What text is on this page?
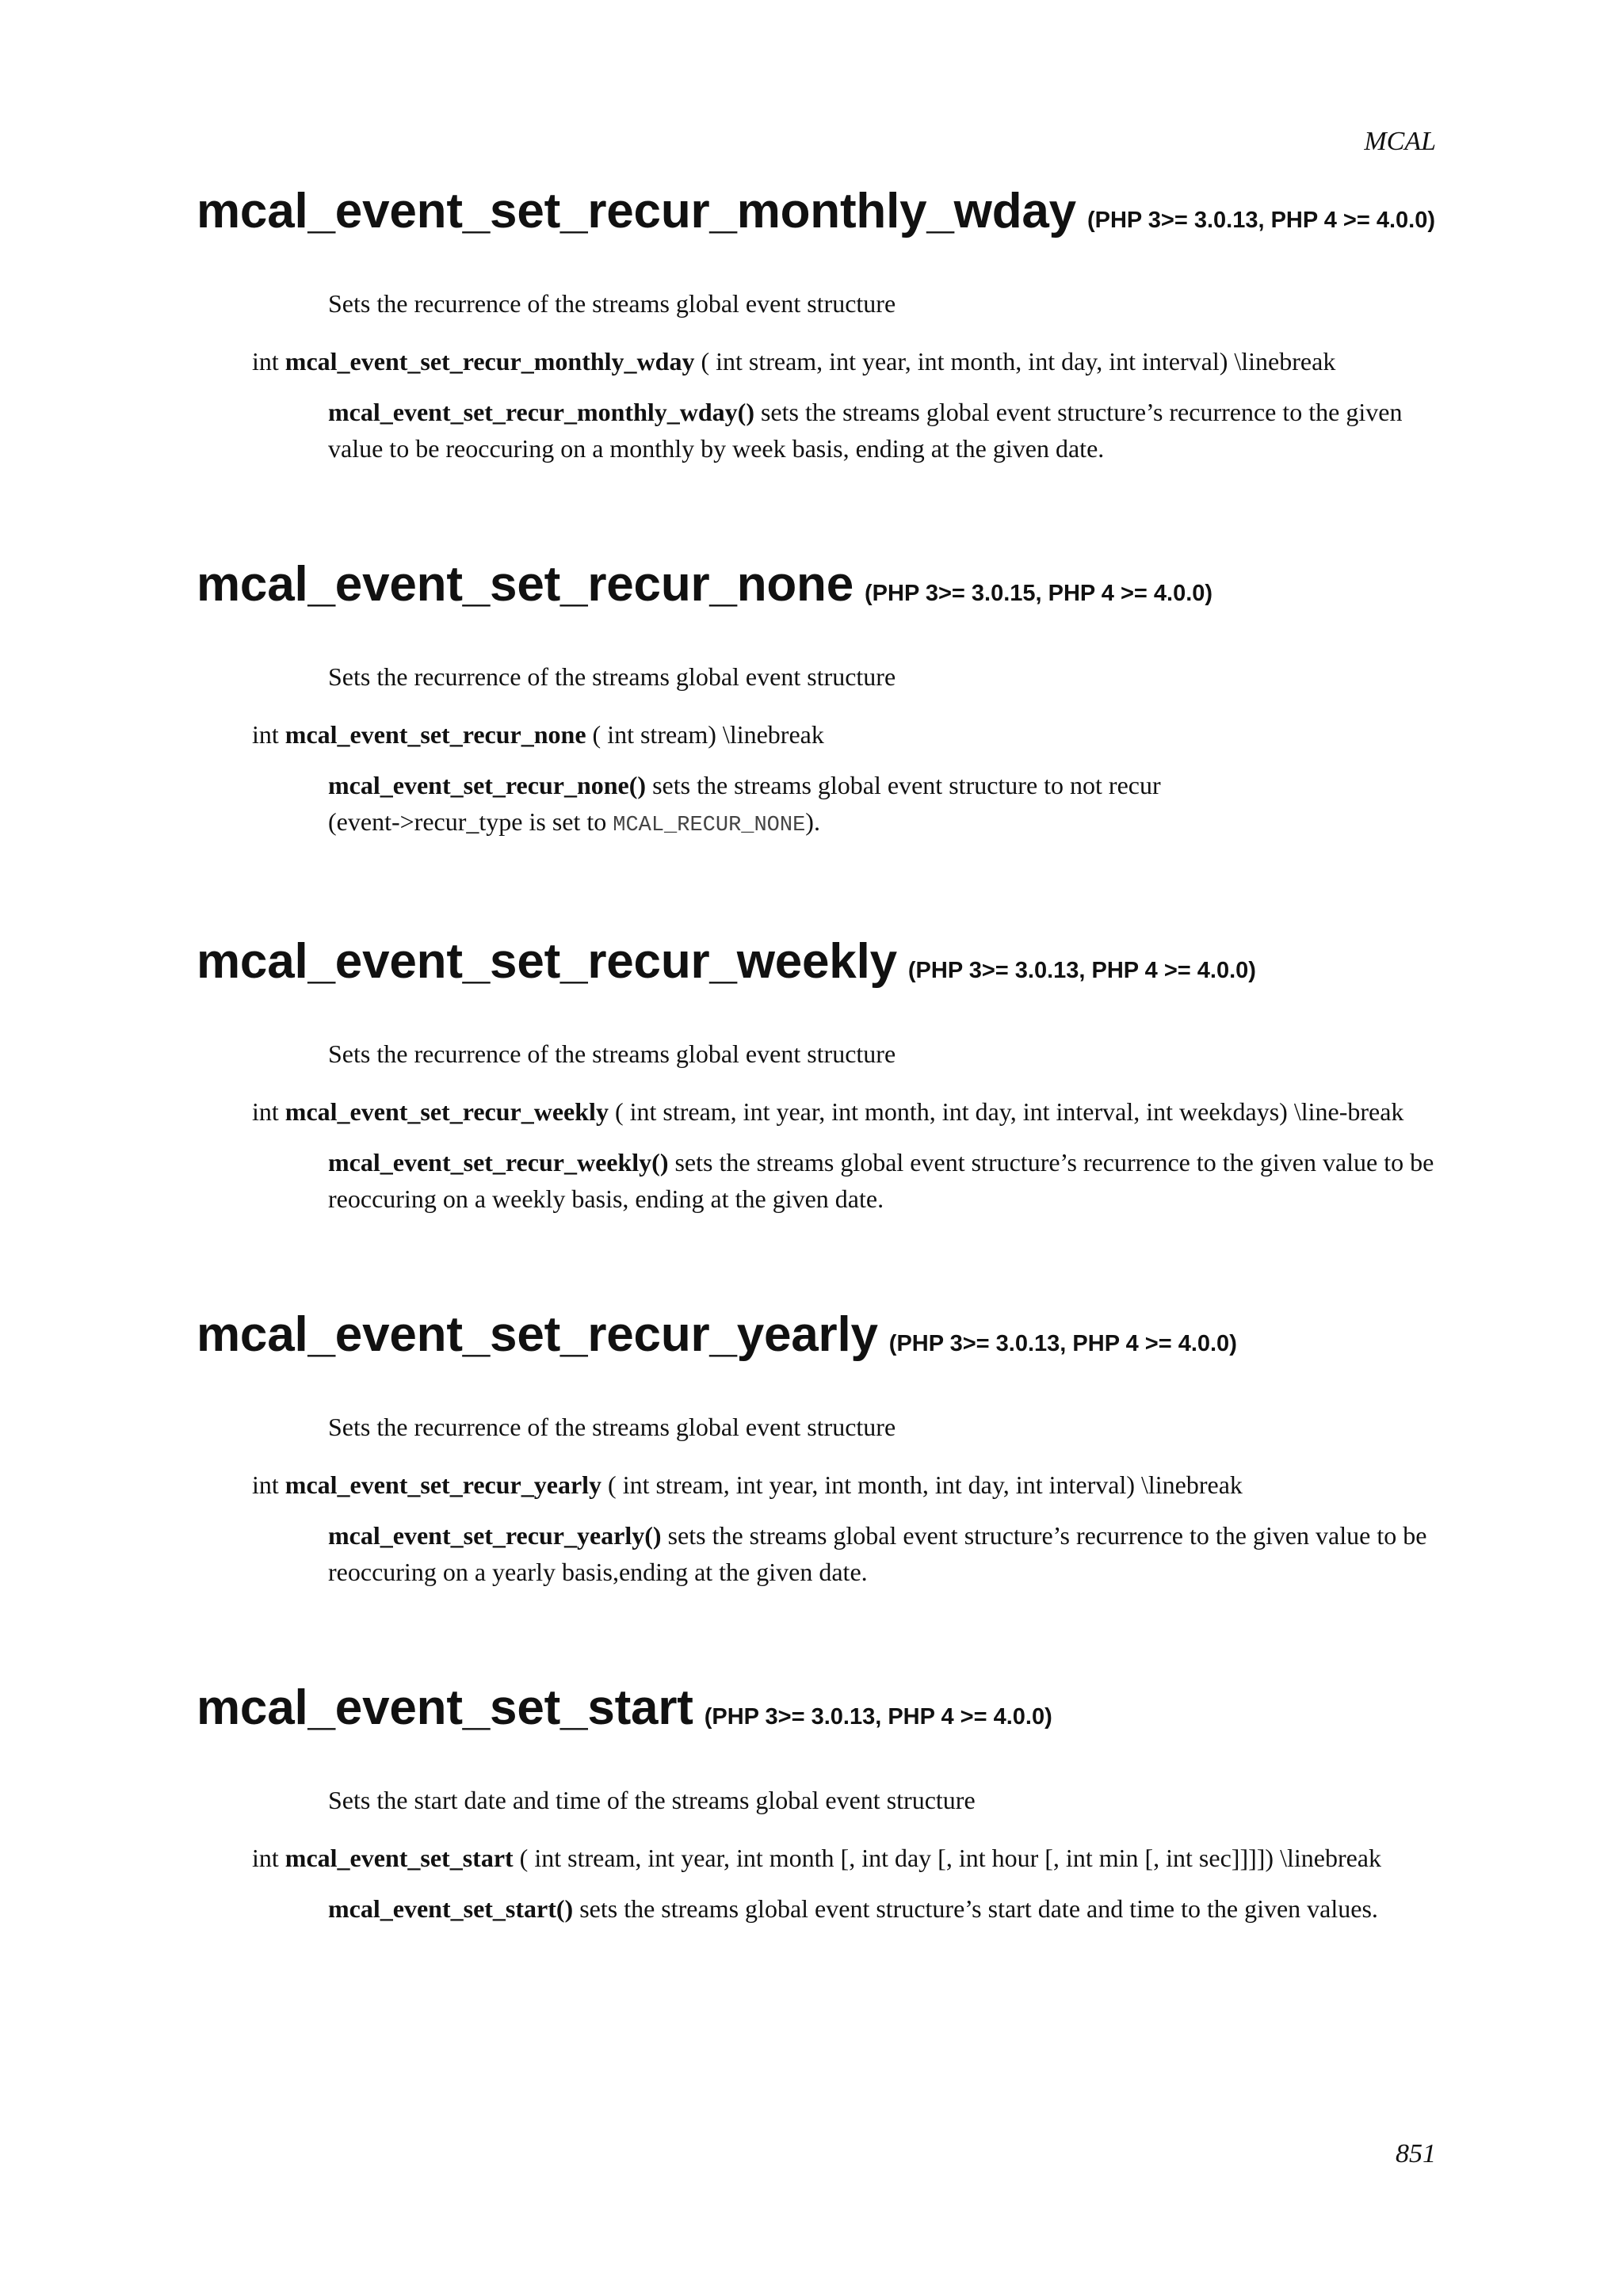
MCAL
mcal_event_set_recur_monthly_wday (PHP 3>= 3.0.13, PHP 4 >= 4.0.0)

Sets the recurrence of the streams global event structure

int mcal_event_set_recur_monthly_wday ( int stream, int year, int month, int day, int interval) \linebreak

mcal_event_set_recur_monthly_wday() sets the streams global event structure’s recurrence to the given value to be reoccuring on a monthly by week basis, ending at the given date.

mcal_event_set_recur_none (PHP 3>= 3.0.15, PHP 4 >= 4.0.0)

Sets the recurrence of the streams global event structure

int mcal_event_set_recur_none ( int stream) \linebreak

mcal_event_set_recur_none() sets the streams global event structure to not recur
(event->recur_type is set to MCAL_RECUR_NONE).

mcal_event_set_recur_weekly (PHP 3>= 3.0.13, PHP 4 >= 4.0.0)

Sets the recurrence of the streams global event structure

int mcal_event_set_recur_weekly ( int stream, int year, int month, int day, int interval, int weekdays) \line-break

mcal_event_set_recur_weekly() sets the streams global event structure’s recurrence to the given value to be reoccuring on a weekly basis, ending at the given date.

mcal_event_set_recur_yearly (PHP 3>= 3.0.13, PHP 4 >= 4.0.0)

Sets the recurrence of the streams global event structure

int mcal_event_set_recur_yearly ( int stream, int year, int month, int day, int interval) \linebreak

mcal_event_set_recur_yearly() sets the streams global event structure’s recurrence to the given value to be reoccuring on a yearly basis,ending at the given date.

mcal_event_set_start (PHP 3>= 3.0.13, PHP 4 >= 4.0.0)

Sets the start date and time of the streams global event structure

int mcal_event_set_start ( int stream, int year, int month [, int day [, int hour [, int min [, int sec]]]]) \linebreak

mcal_event_set_start() sets the streams global event structure’s start date and time to the given values.

851
